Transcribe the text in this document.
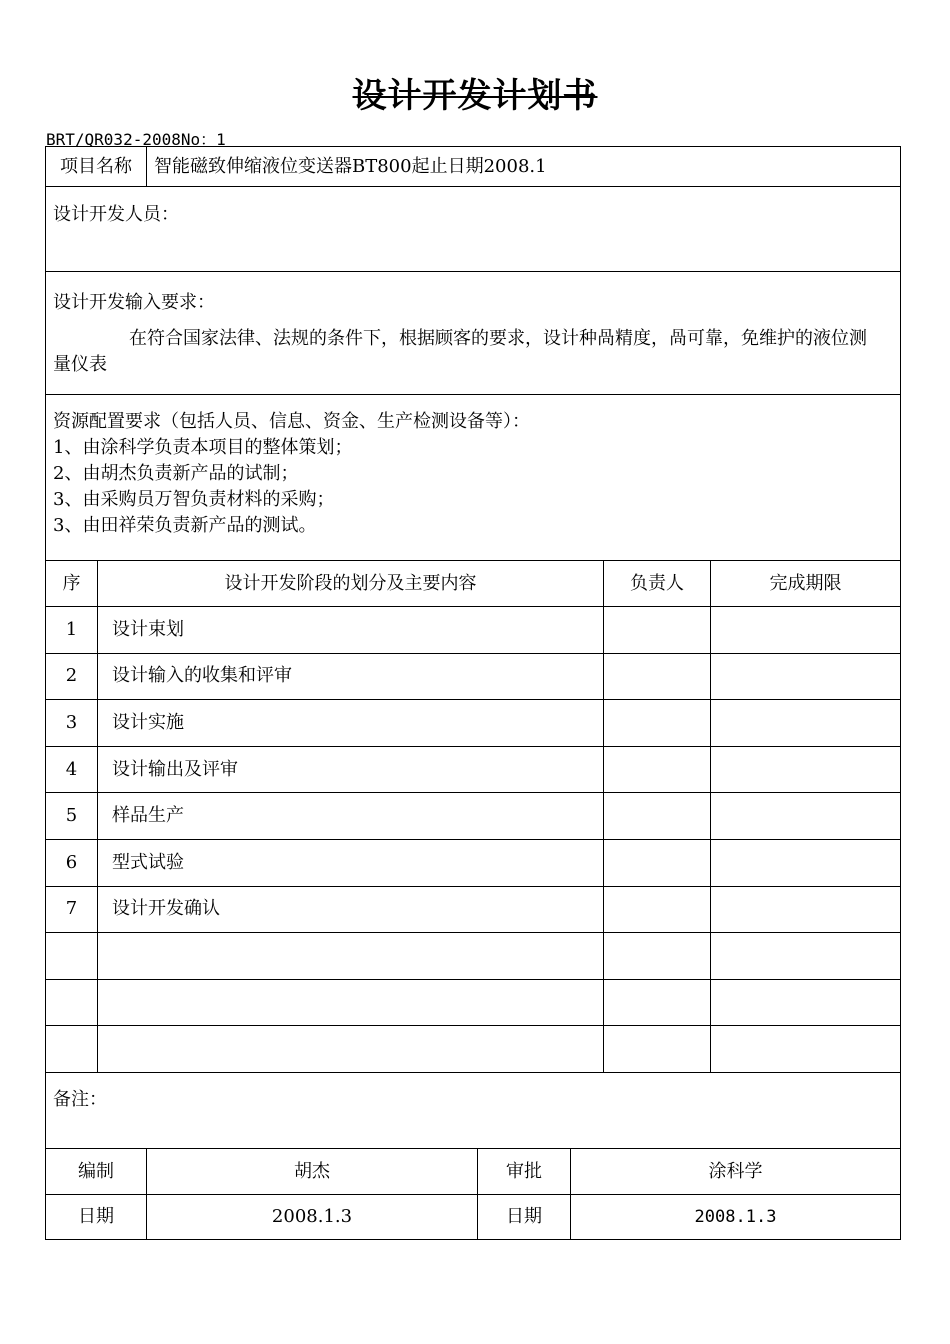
设计开发计划书
BRT/QR032-2008No：1
项目名称	智能磁致伸缩液位变送器BT800起止日期2008.1
设计开发人员：
设计开发输入要求：
在符合国家法律、法规的条件下，根据顾客的要求，设计种咼精度，咼可靠，免维护的液位测量仪表
资源配置要求（包括人员、信息、资金、生产检测设备等）：
1、由涂科学负责本项目的整体策划；
2、由胡杰负责新产品的试制；
3、由采购员万智负责材料的采购；
3、由田祥荣负责新产品的测试。
序	设计开发阶段的划分及主要内容	负责人	完成期限
1	设计束划
2	设计输入的收集和评审
3	设计实施
4	设计输出及评审
5	样品生产
6	型式试验
7	设计开发确认
备注：
编制	胡杰	审批	涂科学
日期	2008.1.3	日期	2008.1.3
